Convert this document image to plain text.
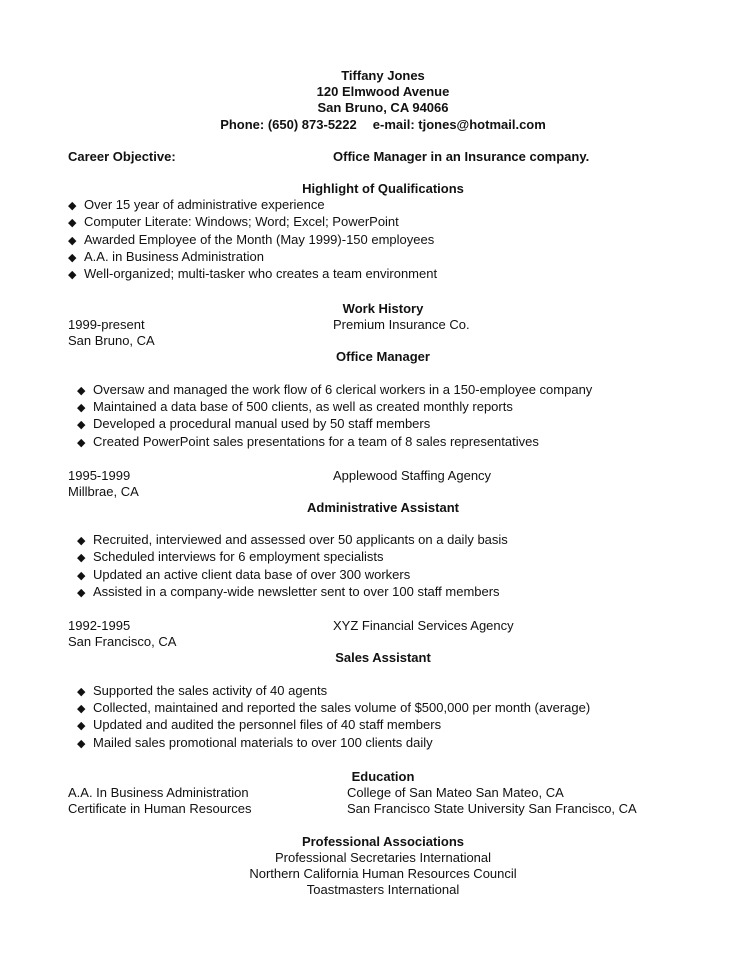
Tiffany Jones
120 Elmwood Avenue
San Bruno, CA 94066
Phone: (650) 873-5222 e-mail: tjones@hotmail.com
Career Objective:	Office Manager in an Insurance company.
Highlight of Qualifications
◆ Over 15 year of administrative experience
◆ Computer Literate: Windows; Word; Excel; PowerPoint
◆ Awarded Employee of the Month (May 1999)-150 employees
◆ A.A. in Business Administration
◆ Well-organized; multi-tasker who creates a team environment
Work History
1999-present	Premium Insurance Co.
San Bruno, CA
Office Manager
◆ Oversaw and managed the work flow of 6 clerical workers in a 150-employee company
◆ Maintained a data base of 500 clients, as well as created monthly reports
◆ Developed a procedural manual used by 50 staff members
◆ Created PowerPoint sales presentations for a team of 8 sales representatives
1995-1999	Applewood Staffing Agency
Millbrae, CA
Administrative Assistant
◆ Recruited, interviewed and assessed over 50 applicants on a daily basis
◆ Scheduled interviews for 6 employment specialists
◆ Updated an active client data base of over 300 workers
◆ Assisted in a company-wide newsletter sent to over 100 staff members
1992-1995	XYZ Financial Services Agency
San Francisco, CA
Sales Assistant
◆ Supported the sales activity of 40 agents
◆ Collected, maintained and reported the sales volume of $500,000 per month (average)
◆ Updated and audited the personnel files of 40 staff members
◆ Mailed sales promotional materials to over 100 clients daily
Education
A.A. In Business Administration	College of San Mateo San Mateo, CA
Certificate in Human Resources	San Francisco State University San Francisco, CA
Professional Associations
Professional Secretaries International
Northern California Human Resources Council
Toastmasters International
